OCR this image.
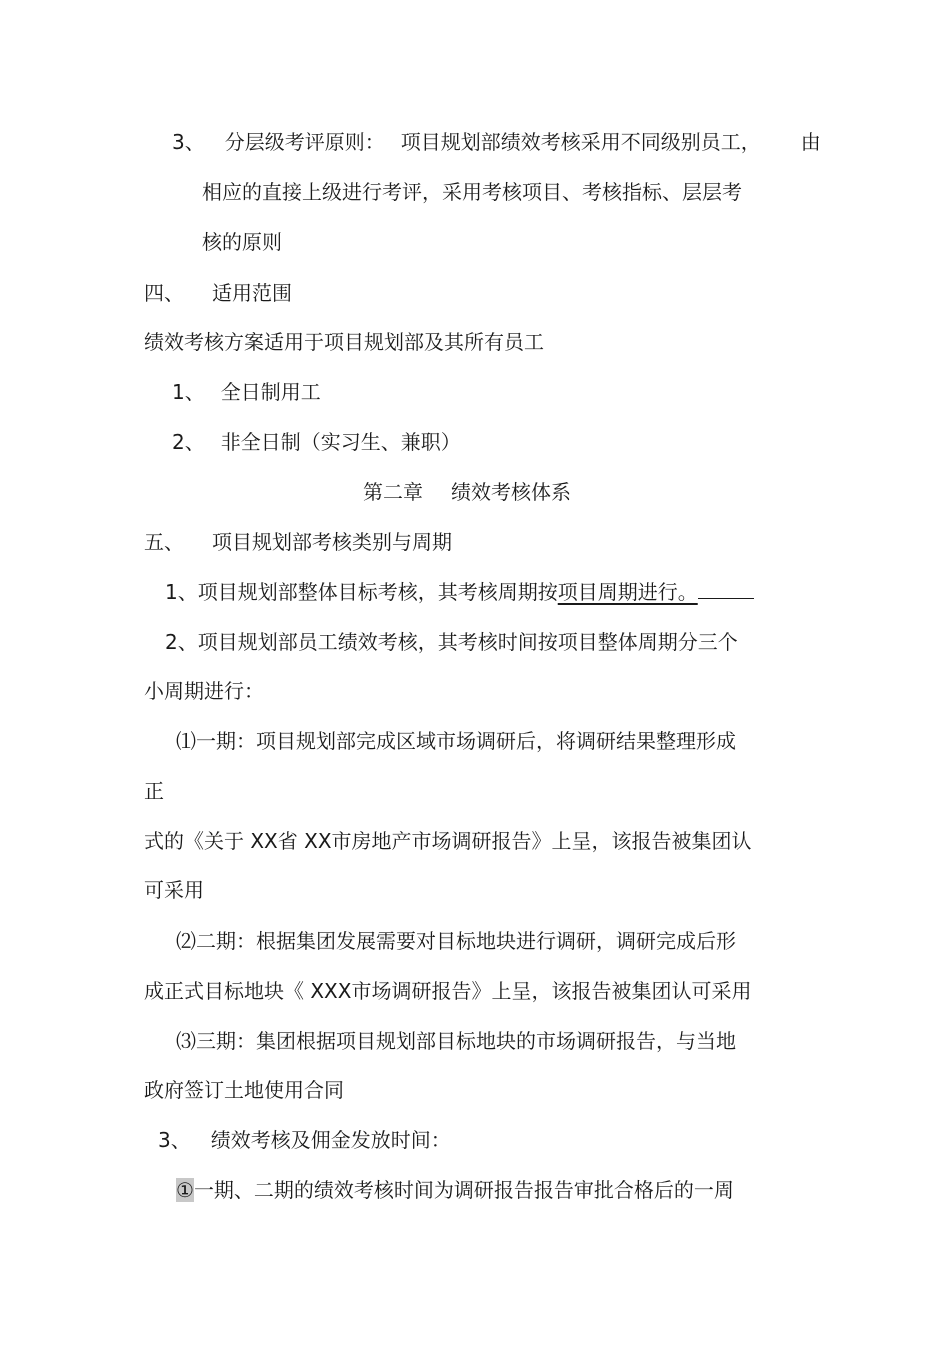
3、 分层级考评原则： 项目规划部绩效考核采用不同级别员工， 由
相应的直接上级进行考评，采用考核项目、考核指标、层层考
核的原则
四、 适用范围
绩效考核方案适用于项目规划部及其所有员工
1、 全日制用工
2、 非全日制（实习生、兼职）
第二章 绩效考核体系
五、 项目规划部考核类别与周期
1、项目规划部整体目标考核，其考核周期按项目周期进行。
2、项目规划部员工绩效考核，其考核时间按项目整体周期分三个
小周期进行：
⑴一期：项目规划部完成区域市场调研后，将调研结果整理形成
正
式的《关于 XX省 XX市房地产市场调研报告》上呈，该报告被集团认
可采用
⑵二期：根据集团发展需要对目标地块进行调研，调研完成后形
成正式目标地块《 XXX市场调研报告》上呈，该报告被集团认可采用
⑶三期：集团根据项目规划部目标地块的市场调研报告，与当地
政府签订土地使用合同
3、 绩效考核及佣金发放时间：
①一期、二期的绩效考核时间为调研报告报告审批合格后的一周
